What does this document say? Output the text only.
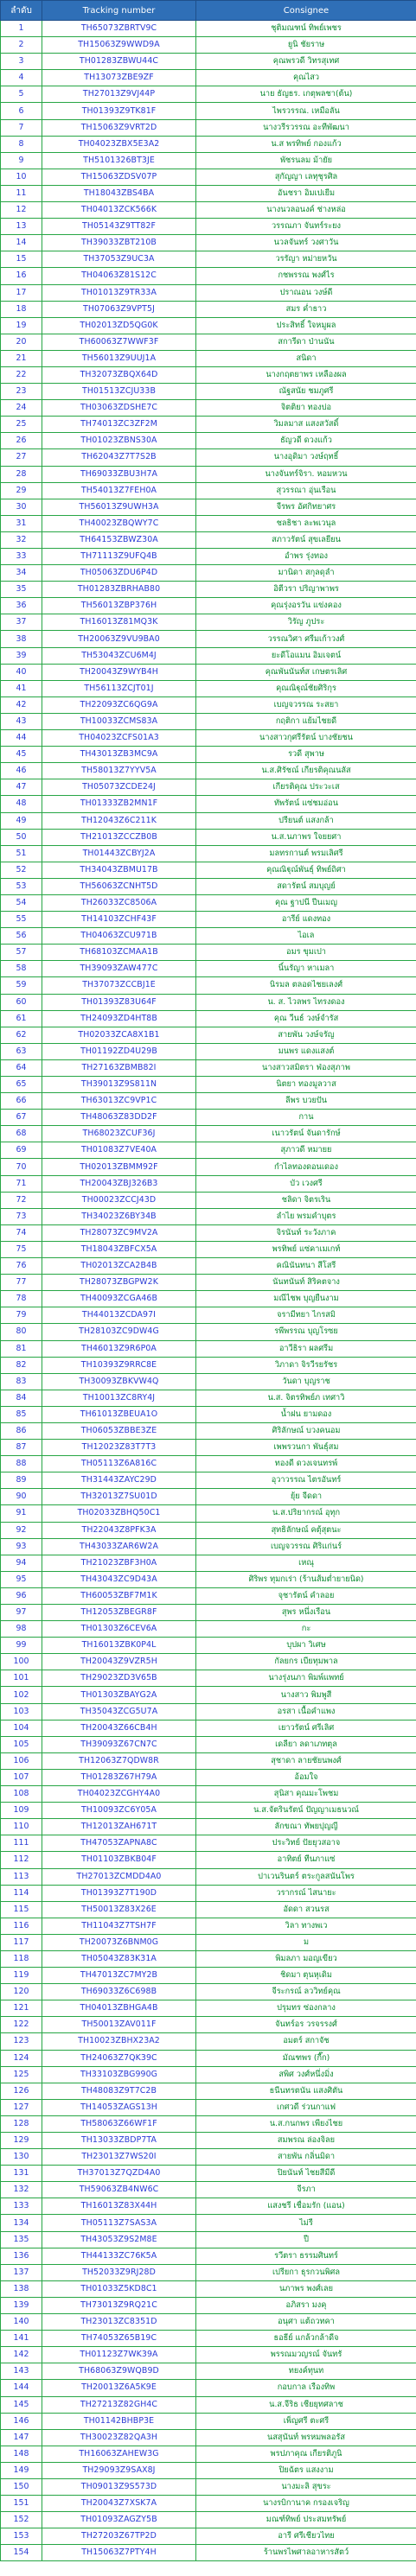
ลำดับ	Tracking number	Consignee
1	TH65073ZBRTV9C	ชุติมณฑน์ ทิพย์เพชร
2	TH15063Z9WWD9A	ยูนิ ชัยราษ
3	TH01283ZBWU44C	คุณพรวดี วิทรสุเทศ
4	TH13073ZBE9ZF	คุณไสว
5	TH27013Z9VJ44P	นาย ธัญธร. เกตุพลชา(ต้น)
6	TH01393Z9TK81F	ไพรวรรณ. เหมือลัน
7	TH15063Z9VRT2D	นางวรีรวรรณ อะทีพัฒนา
8	TH04023ZBX5E3A2	น.ส พรทิพย์ กองแก้ว
9	TH5101326BT3JE	พัชรนลม ม้ายัย
10	TH15063ZDSV07P	สุกัญญา เลทุชุรศิล
11	TH18043ZBS4BA	อันชรา อิมเปเยีม
12	TH04013ZCK566K	นางนวลอนงค์ ช่างหล่อ
13	TH05143Z9TT82F	วรรณภา จันทร์ระยง
14	TH39033ZBT210B	นวลจันทร์ วงศาวัน
15	TH37053Z9UC3A	วรรัญา หม่ายหวัน
16	TH04063Z81S12C	กชพรรณ พงศ์ไร
17	TH01013Z9TR33A	ปราณอน วงษ์ดี
18	TH07063Z9VPT5J	สมร ค่ำธาว
19	TH02013ZD5QG0K	ประสิทธิ์ ใจหมูผล
20	TH60063Z7WWF3F	สการีดา ป่านนัน
21	TH56013Z9UUJ1A	สนิดา
22	TH32073ZBQX64D	นางกฤตยาพร เหลืองผล
23	TH01513ZCJU33B	ณัฐสนัย ชมภูศรี
24	TH03063ZDSHE7C	จิตติยา ทองบ่อ
25	TH74013ZC3ZF2M	วิมลมาส แสงสวัสดิ์
26	TH01023ZBNS30A	ธัญวดี ดวงแก้ว
27	TH62043Z7T7S2B	นางอุดิมา วงษ์ฤทธิ์
28	TH69033ZBU3H7A	นางจันทร์จิรา. หอมหวน
29	TH54013Z7FEH0A	สุวรรณา อุ่นเรือน
30	TH56013Z9UWH3A	จีรพร อัศกิทยาศร
31	TH40023ZBQWY7C	ชลธิชา ละพเวนุล
32	TH64153ZBWZ30A	สภาวรัตน์ สุขเลยียน
33	TH71113Z9UFQ4B	อำพร รุ่งทอง
34	TH05063ZDU6P4D	มานิดา สกุลดุลำ
35	TH01283ZBRHAB80	อิตีวรา ปริญาพาพร
36	TH56013ZBP376H	คุณรุ่งอรวัน แข่งคอง
37	TH16013Z81MQ3K	วิรัญ ภูประ
38	TH20063Z9VU9BA0	วรรณวิศา ศรีมเก้าวงศ์
39	TH53043ZCU6M4J	ยะดีโอแมน อิมเจตน์
40	TH20043Z9WYB4H	คุณพันนันท์ส เกษตรเลิศ
41	TH56113ZCJT01J	คุณณิฐุณ์ชัยศิริกุร
42	TH22093ZC6QG9A	เบญจวรรณ ระสยา
43	TH10033ZCMS83A	กฤติกา แย้มไชยดี
44	TH04023ZCFS01A3	นางสาวกุศรีรัตน์ บางชัยชน
45	TH43013ZB3MC9A	รวดี สุพาษ
46	TH58013Z7YYV5A	น.ส.ศิรัชณ์ เกียรติคุณนลัส
47	TH05073ZCDE24J	เกียรติคุณ ประวะเส
48	TH01333ZB2MN1F	ทัพรัตน์ แซ่ชมอ่อน
49	TH12043Z6C211K	ปรียนต์ แสงกล้า
50	TH21013ZCCZB0B	น.ส.นภาพร ใจยยศา
51	TH01443ZCBYJ2A	มลทรกานต์ พรมเลิศรี
52	TH34043ZBMU17B	คุณณิฐุณ์พันธุ์ ทิพย์ถิศา
53	TH56063ZCNHT5D	สดารัตน์ สมบุญย์
54	TH26033ZC8506A	คุณ ฐาปนี ปีนเมญ
55	TH14103ZCHF43F	อารีย์ แดงทอง
56	TH04063ZCU971B	ไอเล
57	TH68103ZCMAA1B	อมร ขุมเปา
58	TH39093ZAW477C	นิ์นรัญา หาเมลา
59	TH37073ZCCBJ1E	นิรมล ตลอดไชยเลงศ์
60	TH01393Z83U64F	น. ส. ไวลพร ไทรงดอง
61	TH24093ZD4HT8B	คุณ วีนธ์ วงษ์จำรัส
62	TH02033ZCA8X1B1	สายพัน วงษ์จรัญ
63	TH01192ZD4U29B	มนพร แดงแสงต์
64	TH27163ZBMB82I	นางสาวสมิตรา ฟ่องสุภาพ
65	TH39013Z9S811N	นิตยา ทองมูลวาส
66	TH63013ZC9VP1C	ลีพร บวยปัน
67	TH48063Z83DD2F	กาน
68	TH68023ZCUF36J	เนาวรัตน์ จันดารักษ์
69	TH01083Z7VE40A	สุภาวดี หมายย
70	TH02013ZBMM92F	กำไลทองดอนเดอง
71	TH20043ZBJ326B3	บัว เวงศรี
72	TH00023ZCCJ43D	ชลิดา จิตรเริน
73	TH34023Z6BY34B	ลำไย พรมคำบุตร
74	TH28073ZC9MV2A	จิรนันท์ ระวังภาค
75	TH18043ZBFCX5A	พรทิพย์ แซ่คาเมเกท์
76	TH02013ZCA2B4B	คณินันทนา สีโสรี
77	TH28073ZBGPW2K	นันทนันท์ สิริคตจาง
78	TH40093ZCGA46B	มณีไชพ บุญยืนงาม
79	TH44013ZCDA97I	จรามีทยา ไกรสมิ
80	TH28103ZC9DW4G	รพีพรรณ บุญโรซย
81	TH46013Z9R6P0A	อาวีธิรา ผลศรีม
82	TH10393Z9RRC8E	วิภาดา จิรวีรยรัชร
83	TH30093ZBKVW4Q	วันดา บุญราช
84	TH10013ZC8RY4J	น.ส. จิตรทิพย์ภ เทศาวิ
85	TH61013ZBEUA1O	น้ำฝน ยามดอง
86	TH06053ZBBE3ZE	ศิริลักษณ์ บวงคนอม
87	TH12023Z83T7T3	เพพรวนกา พันธุ์สม
88	TH05113Z6A816C	ทองดี ดวงเจนทรพ์
89	TH31443ZAYC29D	อุวาวรรณ ไตรอันทร์
90	TH32013Z7SU01D	ยุ้ย จีดดา
91	TH02033ZBHQ50C1	น.ส.ปริยากรณ์ อุทุก
92	TH22043Z8PFK3A	สุทธิลักษณ์ คตุ้สุตนะ
93	TH43033ZAR6W2A	เบญจวรรณ ศิริแก่นร์
94	TH21023ZBF3H0A	เหณุ
95	TH43043ZC9D43A	ศิริพร ทุมกเร่า (ร้านส้มต่ำยายนิด)
96	TH60053ZBF7M1K	จุชารัตน์ คำลอย
97	TH12053ZBEGR8F	สุพร หนึ่งเรือน
98	TH01303Z6CEV6A	กะ
99	TH16013ZBK0P4L	บุปผา วิเศษ
100	TH20043Z9VZR5H	กัลยกร เบียทุมพาล
101	TH29023ZD3V65B	นางรุ่งนภา พิมพ์แพทย์
102	TH01303ZBAYG2A	นางสาว พิมพูสี
103	TH35043ZCG5U7A	อรสา เนื้อคำแพง
104	TH20043Z66CB4H	เยาวรัตน์ ศรีเลิศ
105	TH39093Z67CN7C	เดลียา ลดาเภทตุล
106	TH12063Z7QDW8R	สุชาดา ลายชัยนพงศ์
107	TH01283Z67H79A	อ้อมใจ
108	TH04023ZCGHY4A0	สุนิสา คุณมะโพชม
109	TH10093ZC6Y05A	น.ส.จัตรินรัตน์ ปัญญาเมธนวณ์
110	TH12013ZAH671T	ลักขณา ทัพยปุญญี
111	TH47053ZAPNA8C	ประวิทย์ ปัยยุวสอาจ
112	TH01103ZBKB04F	อาทิตย์ ทีนภาแซ่
113	TH27013ZCMDD4A0	ปาเวนรินตร์ ตระกูลสนันโพร
114	TH01393Z7T190D	วรากรณ์ ไสนายะ
115	TH50013Z83X26E	อัดดา สวนรส
116	TH11043Z7TSH7F	วิลา ทางพเว
117	TH20073Z6BNM0G	ม
118	TH05043Z83K31A	พิมลภา มอญเขียว
119	TH47013ZC7MY2B	ชิดมา ตุนหุเดิม
120	TH69033Z6C698B	จีระกรณ์ ลววิทย์คุณ
121	TH04013ZBHGA4B	ปรุมทร ซ่องกลาง
122	TH50013ZAV011F	จันทร์อร วรจรรงศ์
123	TH10023ZBHX23A2	อมตร์ สกาจัช
124	TH24063Z7QK39C	มัณฑพร (กี๊ก)
125	TH33103ZBG990G	สพิศ วงศ์หนึ่งมิ่ง
126	TH48083Z9T7C2B	ธนีนทรตนัน แสงศิตัน
127	TH14053ZAGS13H	เกศวดี ร่วนกาแฟ
128	TH58063Z66WF1F	น.ส.กนกพร เพียงไชย
129	TH13033ZBDP7TA	สมพรณ ล่องจิลย
130	TH23013Z7WS20I	สายพัน กลิ่นมิดา
131	TH37013Z7QZD4A0	ปิยนันท์ ไชยสีมีดี
132	TH59063ZB4NW6C	จีรภา
133	TH16013Z83X44H	แสงชรี เชื่อมรัก (แอน)
134	TH05113Z7SAS3A	ไม่รี
135	TH43053Z9S2M8E	ปี
136	TH44133ZC76K5A	รวีตรา ธรรมศินทร์
137	TH52033Z9RJ28D	เปรียกา ธุรกวนพิศล
138	TH01033Z5KD8C1	นภาพร พงศ์เลย
139	TH73013Z9RQ21C	อภิสรา มงคุ
140	TH23013ZC8351D	อนุศา แต้ถวทคา
141	TH74053Z65B19C	ธอธีย์ แกล้วกล้าดีจ
142	TH01123Z7WK39A	พรรณมวญรณ์ จันทรั
143	TH68063Z9WQB9D	ทยงค์ทุนท
144	TH20013Z6A5K9E	กอบกาล เรืองทิพ
145	TH27213Z82GH4C	น.ส.จีริธ เชียยุทศลาช
146	TH01142BHBP3E	เพ็ญศรี ตะศรี
147	TH30023Z82QA3H	นสสุนันท์ พรหมพลอรัส
148	TH16063ZAHEW3G	พรปภาคุณ เกียรติภูนิ
149	TH29093Z9SAX8J	ปิยฉัตร แสงงาม
150	TH09013Z9S573D	นางมะลิ สุขระ
151	TH20043Z7XSK7A	นางรบิกานาค กรองเจริญ
152	TH01093ZAGZY5B	มณฑ์ทิพย์ ประสมทรัพย์
153	TH27203Z67TP2D	อารี ศรีเชียวไทย
154	TH15063Z7PTY4H	ร้านพรไพศาลอาหารสัตว์
